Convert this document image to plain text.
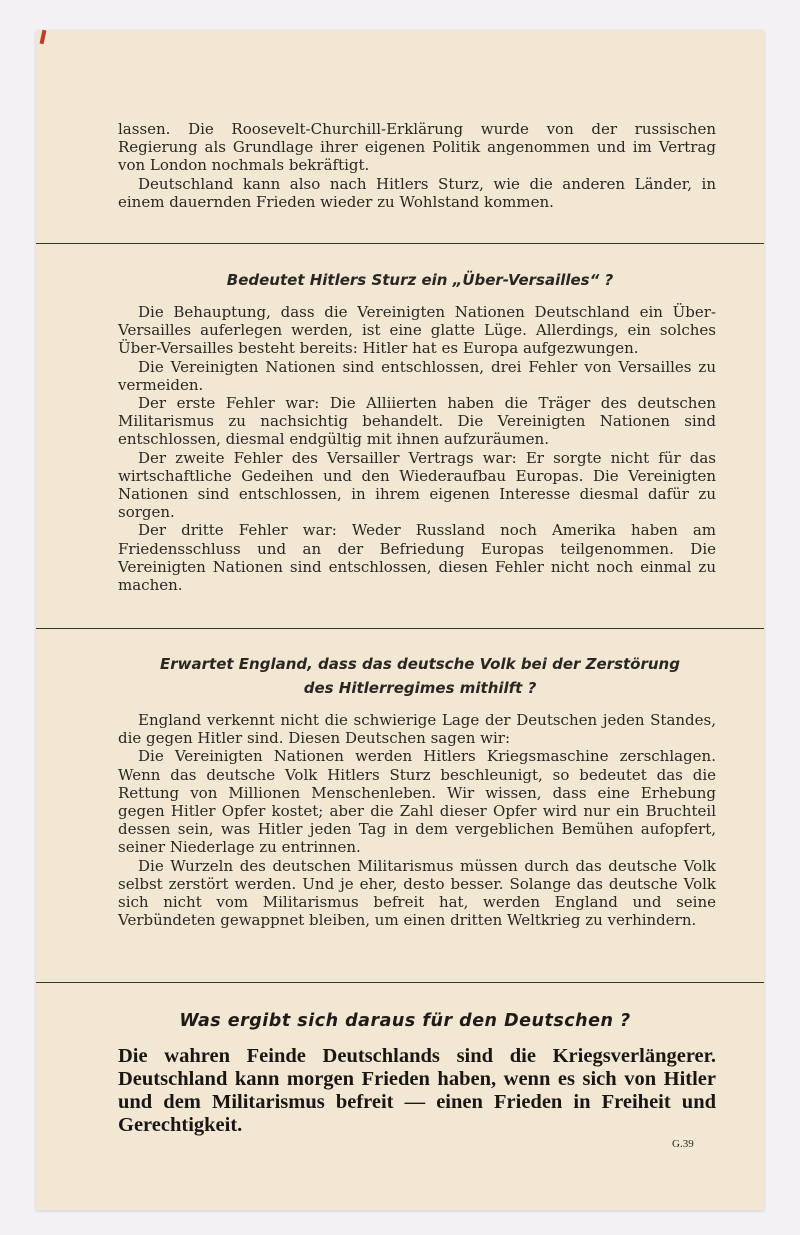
lassen. Die Roosevelt-Churchill-Erklärung wurde von der russischen Regierung als Grundlage ihrer eigenen Politik angenommen und im Vertrag von London nochmals bekräftigt.

Deutschland kann also nach Hitlers Sturz, wie die anderen Länder, in einem dauernden Frieden wieder zu Wohlstand kommen.

Bedeutet Hitlers Sturz ein „Über-Versailles“ ?

Die Behauptung, dass die Vereinigten Nationen Deutschland ein Über-Versailles auferlegen werden, ist eine glatte Lüge. Allerdings, ein solches Über-Versailles besteht bereits: Hitler hat es Europa aufgezwungen.

Die Vereinigten Nationen sind entschlossen, drei Fehler von Versailles zu vermeiden.

Der erste Fehler war: Die Alliierten haben die Träger des deutschen Militarismus zu nachsichtig behandelt. Die Vereinigten Nationen sind entschlossen, diesmal endgültig mit ihnen aufzuräumen.

Der zweite Fehler des Versailler Vertrags war: Er sorgte nicht für das wirtschaftliche Gedeihen und den Wiederaufbau Europas. Die Vereinigten Nationen sind entschlossen, in ihrem eigenen Interesse diesmal dafür zu sorgen.

Der dritte Fehler war: Weder Russland noch Amerika haben am Friedensschluss und an der Befriedung Europas teilgenommen. Die Vereinigten Nationen sind entschlossen, diesen Fehler nicht noch einmal zu machen.

Erwartet England, dass das deutsche Volk bei der Zerstörung
des Hitlerregimes mithilft ?

England verkennt nicht die schwierige Lage der Deutschen jeden Standes, die gegen Hitler sind. Diesen Deutschen sagen wir:

Die Vereinigten Nationen werden Hitlers Kriegsmaschine zerschlagen. Wenn das deutsche Volk Hitlers Sturz beschleunigt, so bedeutet das die Rettung von Millionen Menschenleben. Wir wissen, dass eine Erhebung gegen Hitler Opfer kostet; aber die Zahl dieser Opfer wird nur ein Bruchteil dessen sein, was Hitler jeden Tag in dem vergeblichen Bemühen aufopfert, seiner Niederlage zu entrinnen.

Die Wurzeln des deutschen Militarismus müssen durch das deutsche Volk selbst zerstört werden. Und je eher, desto besser. Solange das deutsche Volk sich nicht vom Militarismus befreit hat, werden England und seine Verbündeten gewappnet bleiben, um einen dritten Weltkrieg zu verhindern.

Was ergibt sich daraus für den Deutschen ?
Die wahren Feinde Deutschlands sind die Kriegsverlängerer. Deutschland kann morgen Frieden haben, wenn es sich von Hitler und dem Militarismus befreit — einen Frieden in Freiheit und Gerechtigkeit.
G.39
